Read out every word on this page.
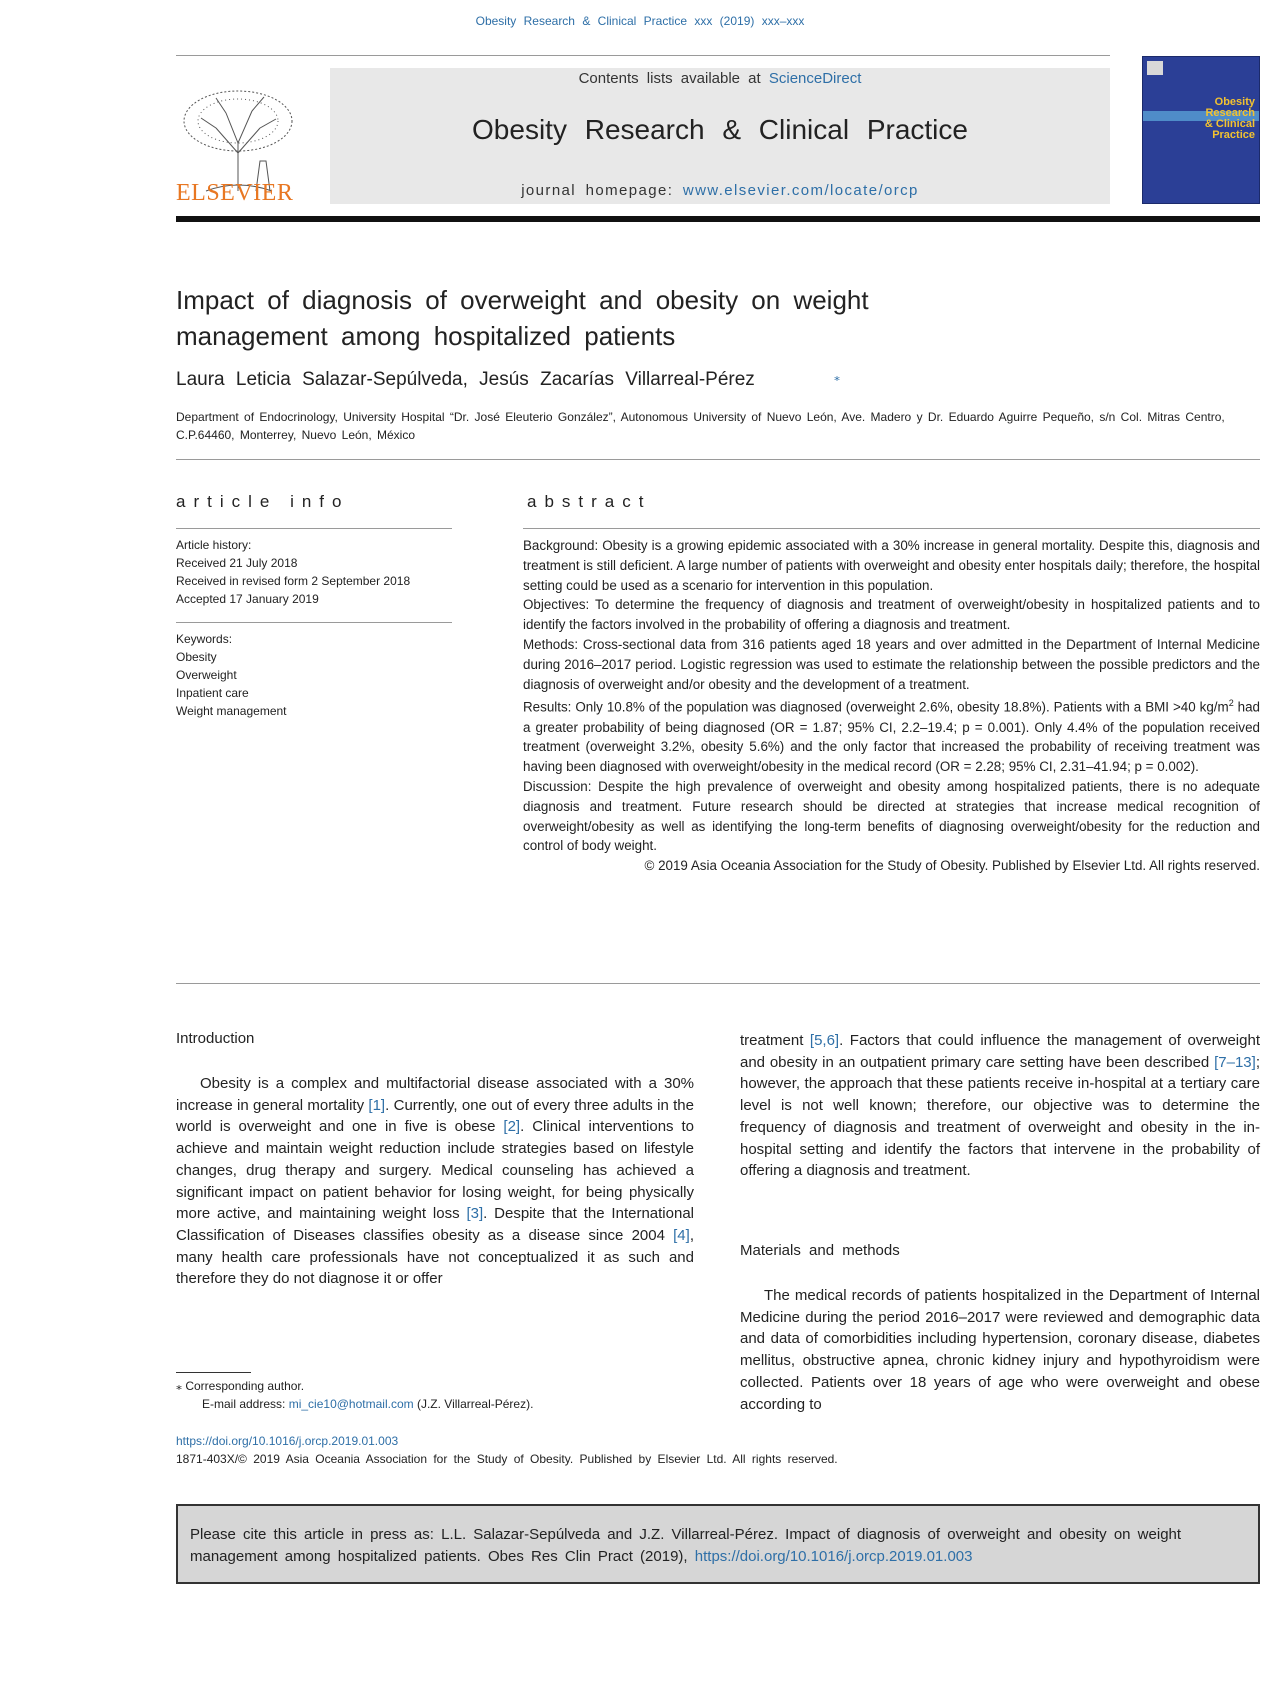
Obesity Research & Clinical Practice xxx (2019) xxx–xxx
ELSEVIER
Contents lists available at ScienceDirect
Obesity Research & Clinical Practice
journal homepage: www.elsevier.com/locate/orcp
Obesity Research & Clinical Practice
Impact of diagnosis of overweight and obesity on weight management among hospitalized patients
Laura Leticia Salazar-Sepúlveda, Jesús Zacarías Villarreal-Pérez	⁎
Department of Endocrinology, University Hospital “Dr. José Eleuterio González”, Autonomous University of Nuevo León, Ave. Madero y Dr. Eduardo Aguirre Pequeño, s/n Col. Mitras Centro, C.P.64460, Monterrey, Nuevo León, México
article info
Article history:
Received 21 July 2018
Received in revised form 2 September 2018
Accepted 17 January 2019
Keywords:
Obesity
Overweight
Inpatient care
Weight management
abstract

Background: Obesity is a growing epidemic associated with a 30% increase in general mortality. Despite this, diagnosis and treatment is still deficient. A large number of patients with overweight and obesity enter hospitals daily; therefore, the hospital setting could be used as a scenario for intervention in this population.

Objectives: To determine the frequency of diagnosis and treatment of overweight/obesity in hospitalized patients and to identify the factors involved in the probability of offering a diagnosis and treatment.

Methods: Cross-sectional data from 316 patients aged 18 years and over admitted in the Department of Internal Medicine during 2016–2017 period. Logistic regression was used to estimate the relationship between the possible predictors and the diagnosis of overweight and/or obesity and the development of a treatment.

Results: Only 10.8% of the population was diagnosed (overweight 2.6%, obesity 18.8%). Patients with a BMI >40 $kg/m^2$ had a greater probability of being diagnosed (OR = 1.87; 95% CI, 2.2–19.4; p = 0.001). Only 4.4% of the population received treatment (overweight 3.2%, obesity 5.6%) and the only factor that increased the probability of receiving treatment was having been diagnosed with overweight/obesity in the medical record (OR = 2.28; 95% CI, 2.31–41.94; p = 0.002).

Discussion: Despite the high prevalence of overweight and obesity among hospitalized patients, there is no adequate diagnosis and treatment. Future research should be directed at strategies that increase medical recognition of overweight/obesity as well as identifying the long-term benefits of diagnosing overweight/obesity for the reduction and control of body weight.

© 2019 Asia Oceania Association for the Study of Obesity. Published by Elsevier Ltd. All rights reserved.

Introduction

Obesity is a complex and multifactorial disease associated with a 30% increase in general mortality [1]. Currently, one out of every three adults in the world is overweight and one in five is obese [2]. Clinical interventions to achieve and maintain weight reduction include strategies based on lifestyle changes, drug therapy and surgery. Medical counseling has achieved a significant impact on patient behavior for losing weight, for being physically more active, and maintaining weight loss [3]. Despite that the International Classification of Diseases classifies obesity as a disease since 2004 [4], many health care professionals have not conceptualized it as such and therefore they do not diagnose it or offer

treatment [5,6]. Factors that could influence the management of overweight and obesity in an outpatient primary care setting have been described [7–13]; however, the approach that these patients receive in-hospital at a tertiary care level is not well known; therefore, our objective was to determine the frequency of diagnosis and treatment of overweight and obesity in the in-hospital setting and identify the factors that intervene in the probability of offering a diagnosis and treatment.

Materials and methods

The medical records of patients hospitalized in the Department of Internal Medicine during the period 2016–2017 were reviewed and demographic data and data of comorbidities including hypertension, coronary disease, diabetes mellitus, obstructive apnea, chronic kidney injury and hypothyroidism were collected. Patients over 18 years of age who were overweight and obese according to

⁎ Corresponding author.
E-mail address: mi_cie10@hotmail.com (J.Z. Villarreal-Pérez).
https://doi.org/10.1016/j.orcp.2019.01.003
1871-403X/© 2019 Asia Oceania Association for the Study of Obesity. Published by Elsevier Ltd. All rights reserved.
Please cite this article in press as: L.L. Salazar-Sepúlveda and J.Z. Villarreal-Pérez. Impact of diagnosis of overweight and obesity on weight management among hospitalized patients. Obes Res Clin Pract (2019), https://doi.org/10.1016/j.orcp.2019.01.003
